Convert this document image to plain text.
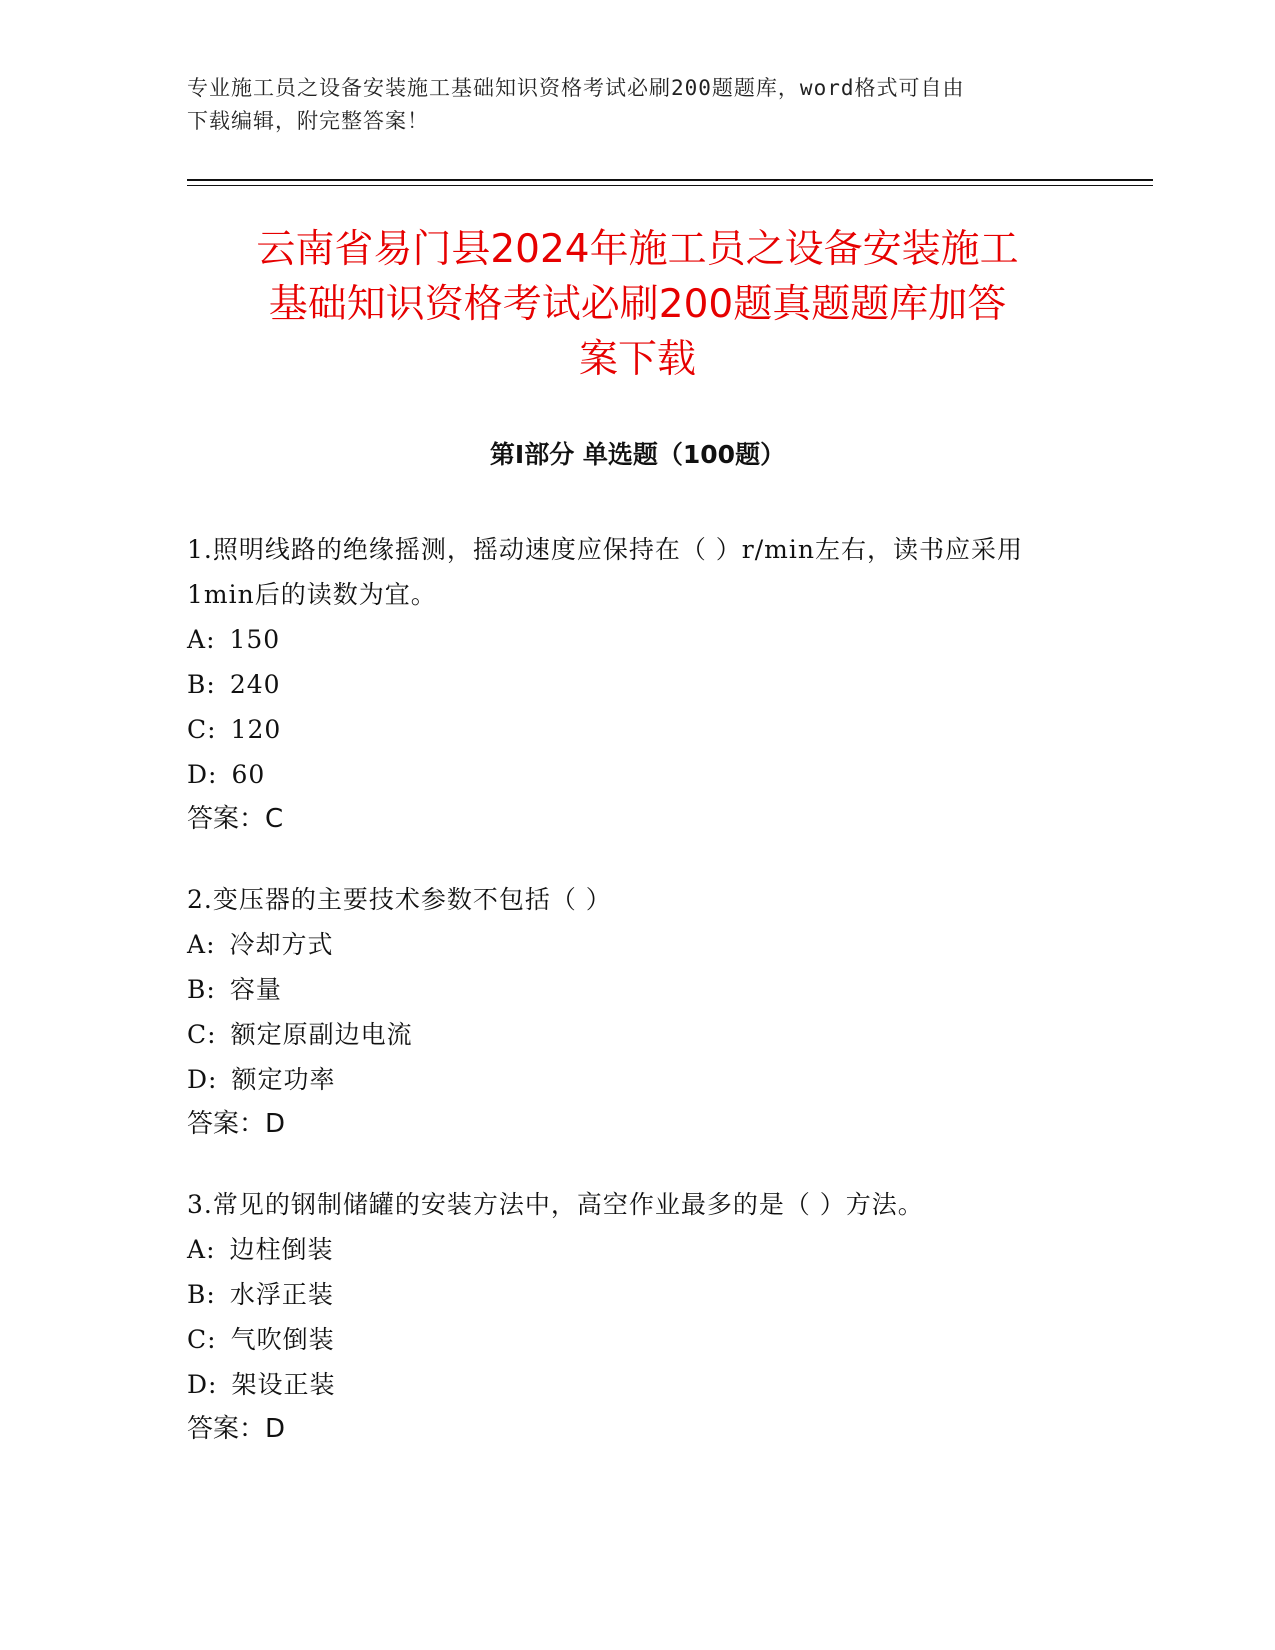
专业施工员之设备安装施工基础知识资格考试必刷200题题库，word格式可自由
下载编辑，附完整答案！
云南省易门县2024年施工员之设备安装施工
基础知识资格考试必刷200题真题题库加答
案下载
第Ⅰ部分 单选题（100题）
1.照明线路的绝缘摇测，摇动速度应保持在（ ）r/min左右，读书应采用1min后的读数为宜。
A: 150
B: 240
C: 120
D: 60
答案：C
2.变压器的主要技术参数不包括（ ）
A: 冷却方式
B: 容量
C: 额定原副边电流
D: 额定功率
答案：D
3.常见的钢制储罐的安装方法中，高空作业最多的是（ ）方法。
A: 边柱倒装
B: 水浮正装
C: 气吹倒装
D: 架设正装
答案：D
